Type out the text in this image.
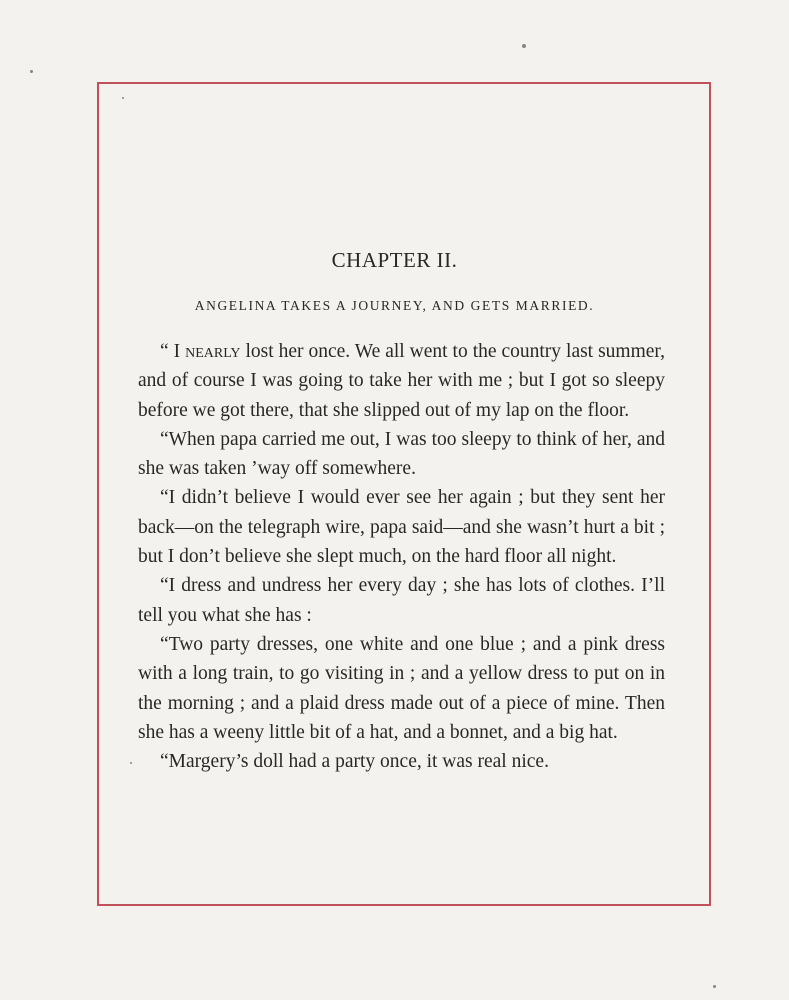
CHAPTER II.
ANGELINA TAKES A JOURNEY, AND GETS MARRIED.

“ I nearly lost her once. We all went to the country last summer, and of course I was going to take her with me ; but I got so sleepy before we got there, that she slipped out of my lap on the floor.

“When papa carried me out, I was too sleepy to think of her, and she was taken ’way off somewhere.

“I didn’t believe I would ever see her again ; but they sent her back—on the telegraph wire, papa said—and she wasn’t hurt a bit ; but I don’t believe she slept much, on the hard floor all night.

“I dress and undress her every day ; she has lots of clothes. I’ll tell you what she has :

“Two party dresses, one white and one blue ; and a pink dress with a long train, to go visiting in ; and a yellow dress to put on in the morning ; and a plaid dress made out of a piece of mine. Then she has a weeny little bit of a hat, and a bonnet, and a big hat.

“Margery’s doll had a party once, it was real nice.
